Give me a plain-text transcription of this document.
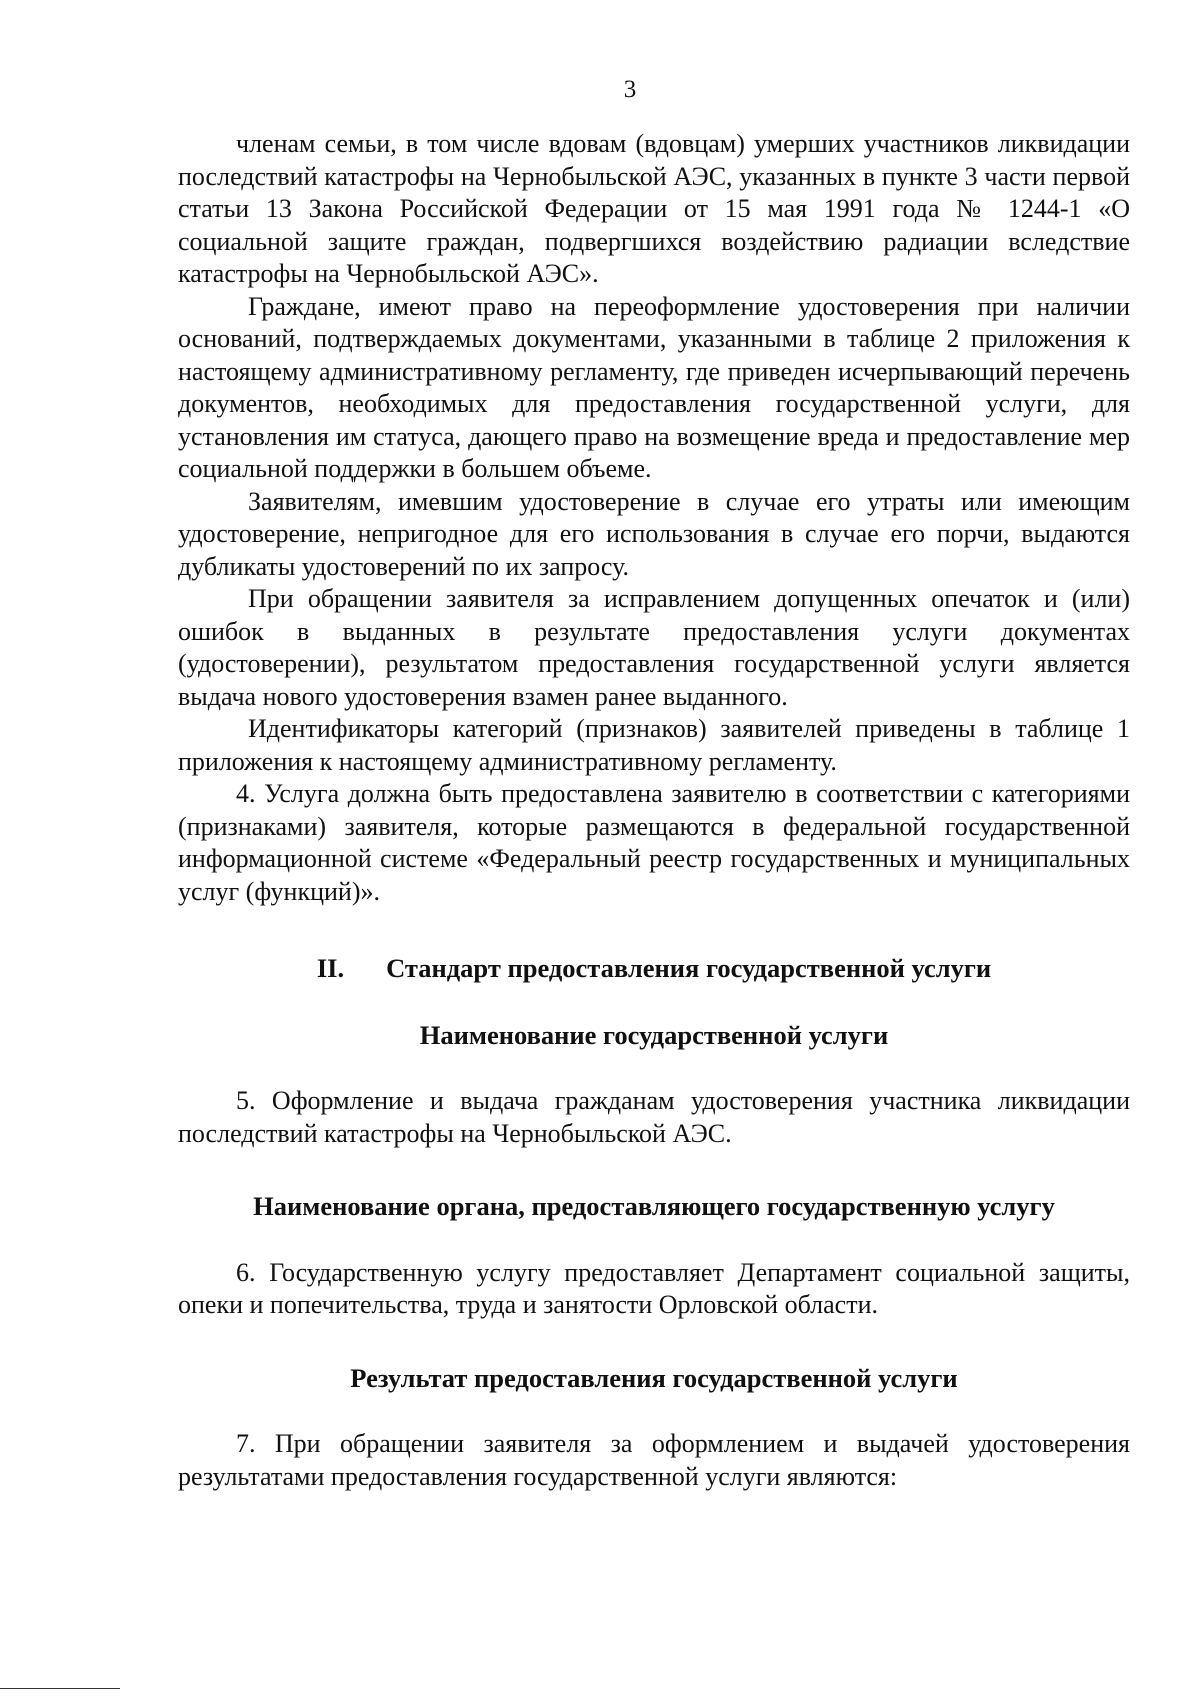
3

членам семьи, в том числе вдовам (вдовцам) умерших участников ликвидации последствий катастрофы на Чернобыльской АЭС, указанных в пункте 3 части первой статьи 13 Закона Российской Федерации от 15 мая 1991 года № 1244-1 «О социальной защите граждан, подвергшихся воздействию радиации вследствие катастрофы на Чернобыльской АЭС».

Граждане, имеют право на переоформление удостоверения при наличии оснований, подтверждаемых документами, указанными в таблице 2 приложения к настоящему административному регламенту, где приведен исчерпывающий перечень документов, необходимых для предоставления государственной услуги, для установления им статуса, дающего право на возмещение вреда и предоставление мер социальной поддержки в большем объеме.

Заявителям, имевшим удостоверение в случае его утраты или имеющим удостоверение, непригодное для его использования в случае его порчи, выдаются дубликаты удостоверений по их запросу.

При обращении заявителя за исправлением допущенных опечаток и (или) ошибок в выданных в результате предоставления услуги документах (удостоверении), результатом предоставления государственной услуги является выдача нового удостоверения взамен ранее выданного.

Идентификаторы категорий (признаков) заявителей приведены в таблице 1 приложения к настоящему административному регламенту.

4. Услуга должна быть предоставлена заявителю в соответствии с категориями (признаками) заявителя, которые размещаются в федеральной государственной информационной системе «Федеральный реестр государственных и муниципальных услуг (функций)».

II. Стандарт предоставления государственной услуги

Наименование государственной услуги

5. Оформление и выдача гражданам удостоверения участника ликвидации последствий катастрофы на Чернобыльской АЭС.

Наименование органа, предоставляющего государственную услугу

6. Государственную услугу предоставляет Департамент социальной защиты, опеки и попечительства, труда и занятости Орловской области.

Результат предоставления государственной услуги

7. При обращении заявителя за оформлением и выдачей удостоверения результатами предоставления государственной услуги являются:
